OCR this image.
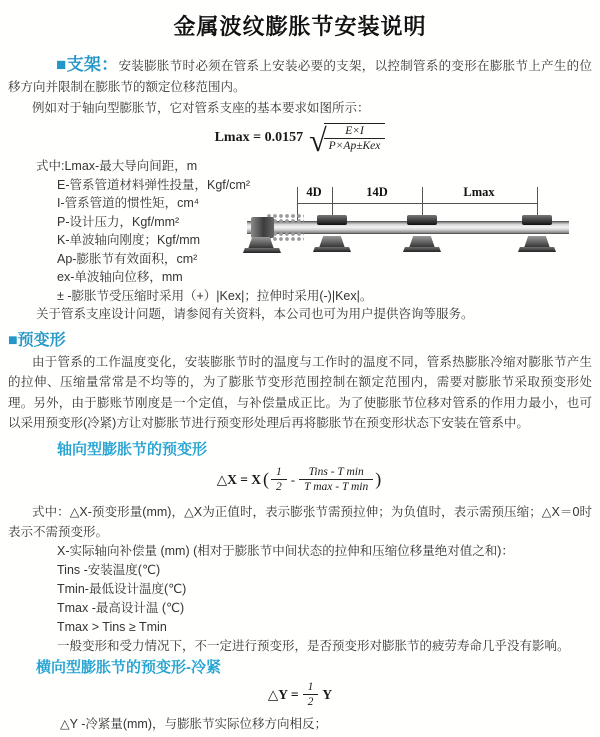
金属波纹膨胀节安装说明

■支架：安装膨胀节时必须在管系上安装必要的支架，以控制管系的变形在膨胀节上产生的位移方向并限制在膨胀节的额定位移范围内。

例如对于轴向型膨胀节，它对管系支座的基本要求如图所示：

Lmax = 0.0157 √
$\frac{E\times I}{\text{P×Ap±Kex}}$
式中:Lmax-最大导向间距，m
E-管系管道材料弹性投量，Kgf/cm²
I-管系管道的惯性矩，cm⁴
P-设计压力，Kgf/mm²
K-单波轴向刚度；Kgf/mm
Ap-膨胀节有效面积，cm²
ex-单波轴向位移，mm
± -膨胀节受压缩时采用（+）|Kex|；拉伸时采用(-)|Kex|。
关于管系支座设计问题，请参阅有关资料，本公司也可为用户提供咨询等服务。
4D	14D	Lmax
■预变形

由于管系的工作温度变化，安装膨胀节时的温度与工作时的温度不同，管系热膨胀冷缩对膨胀节产生的拉伸、压缩量常常是不均等的，为了膨胀节变形范围控制在额定范围内，需要对膨胀节采取预变形处理。另外，由于膨账节刚度是一个定值，与补偿量成正比。为了使膨胀节位移对管系的作用力最小，也可以采用预变形(冷紧)方让对膨胀节进行预变形处理后再将膨胀节在预变形状态下安装在管系中。

轴向型膨胀节的预变形
△X = X ( $\frac{1}{2} - \frac{\text{Tins - T min}}{\text{T max - T min}}$ )

式中：△X-预变形量(mm)，△X为正值时，表示膨张节需预拉伸；为负值时，表示需预压缩；△X＝0时表示不需预变形。

X-实际轴向补偿量 (mm) (相对于膨胀节中间状态的拉伸和压缩位移量绝对值之和)：
Tins -安装温度(℃)
Tmin-最低设计温度(℃)
Tmax -最高设计温 (℃)
Tmax > Tins ≥ Tmin
一般变形和受力情况下，不一定进行预变形，是否预变形对膨胀节的疲劳寿命几乎没有影响。
横向型膨胀节的预变形-冷紧
△Y = $\frac{1}{2}$ Y

△Y -冷紧量(mm)，与膨胀节实际位移方向相反；
